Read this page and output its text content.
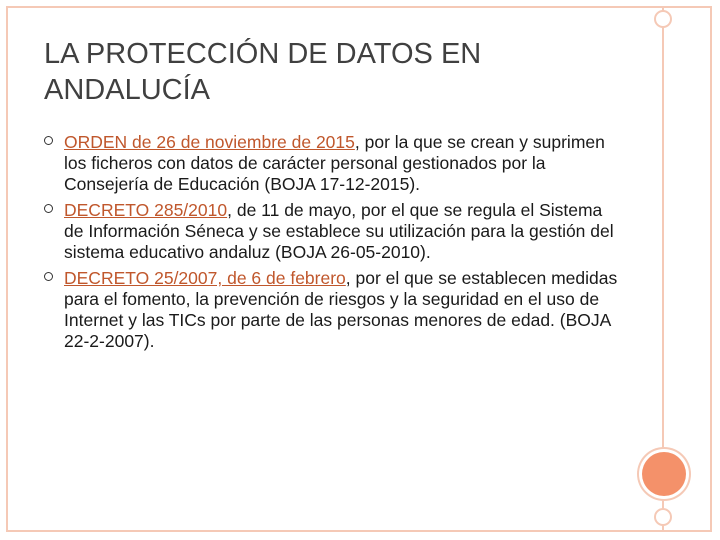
LA PROTECCIÓN DE DATOS EN ANDALUCÍA
ORDEN de 26 de noviembre de 2015, por la que se crean y suprimen los ficheros con datos de carácter personal gestionados por la Consejería de Educación (BOJA 17-12-2015).
DECRETO 285/2010, de 11 de mayo, por el que se regula el Sistema de Información Séneca y se establece su utilización para la gestión del sistema educativo andaluz (BOJA 26-05-2010).
DECRETO 25/2007, de 6 de febrero, por el que se establecen medidas para el fomento, la prevención de riesgos y la seguridad en el uso de Internet y las TICs por parte de las personas menores de edad. (BOJA 22-2-2007).
